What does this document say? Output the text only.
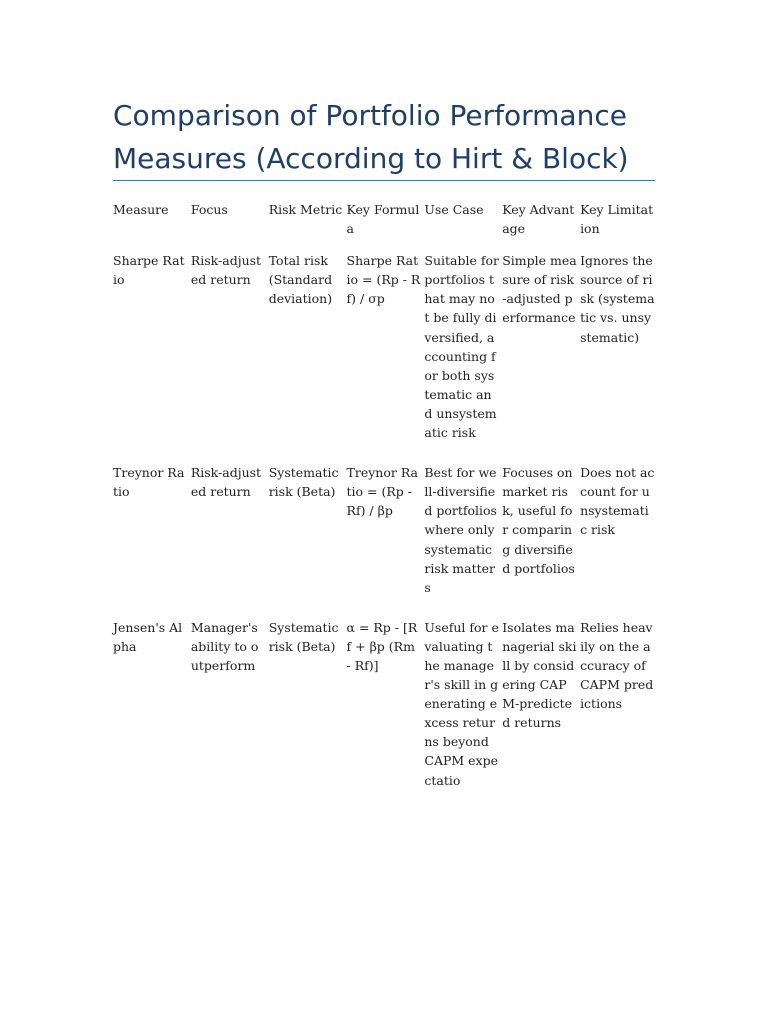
Comparison of Portfolio Performance Measures (According to Hirt & Block)
Measure	Focus	Risk Metric	Key Formula	Use Case	Key Advantage	Key Limitation

Sharpe Ratio	Risk-adjusted return	Total risk (Standard deviation)	Sharpe Ratio = (Rp - Rf) / σp	Suitable for portfolios that may not be fully diversified, accounting for both systematic and unsystematic risk	Simple measure of risk-adjusted performance	Ignores the source of risk (systematic vs. unsystematic)

Treynor Ratio	Risk-adjusted return	Systematic risk (Beta)	Treynor Ratio = (Rp - Rf) / βp	Best for well-diversified portfolios where only systematic risk matters	Focuses on market risk, useful for comparing diversified portfolios	Does not account for unsystematic risk

Jensen's Alpha	Manager's ability to outperform	Systematic risk (Beta)	α = Rp - [Rf + βp (Rm - Rf)]	Useful for evaluating the manager's skill in generating excess returns beyond CAPM expectatio	Isolates managerial skill by considering CAPM-predicted returns	Relies heavily on the accuracy of CAPM predictions
